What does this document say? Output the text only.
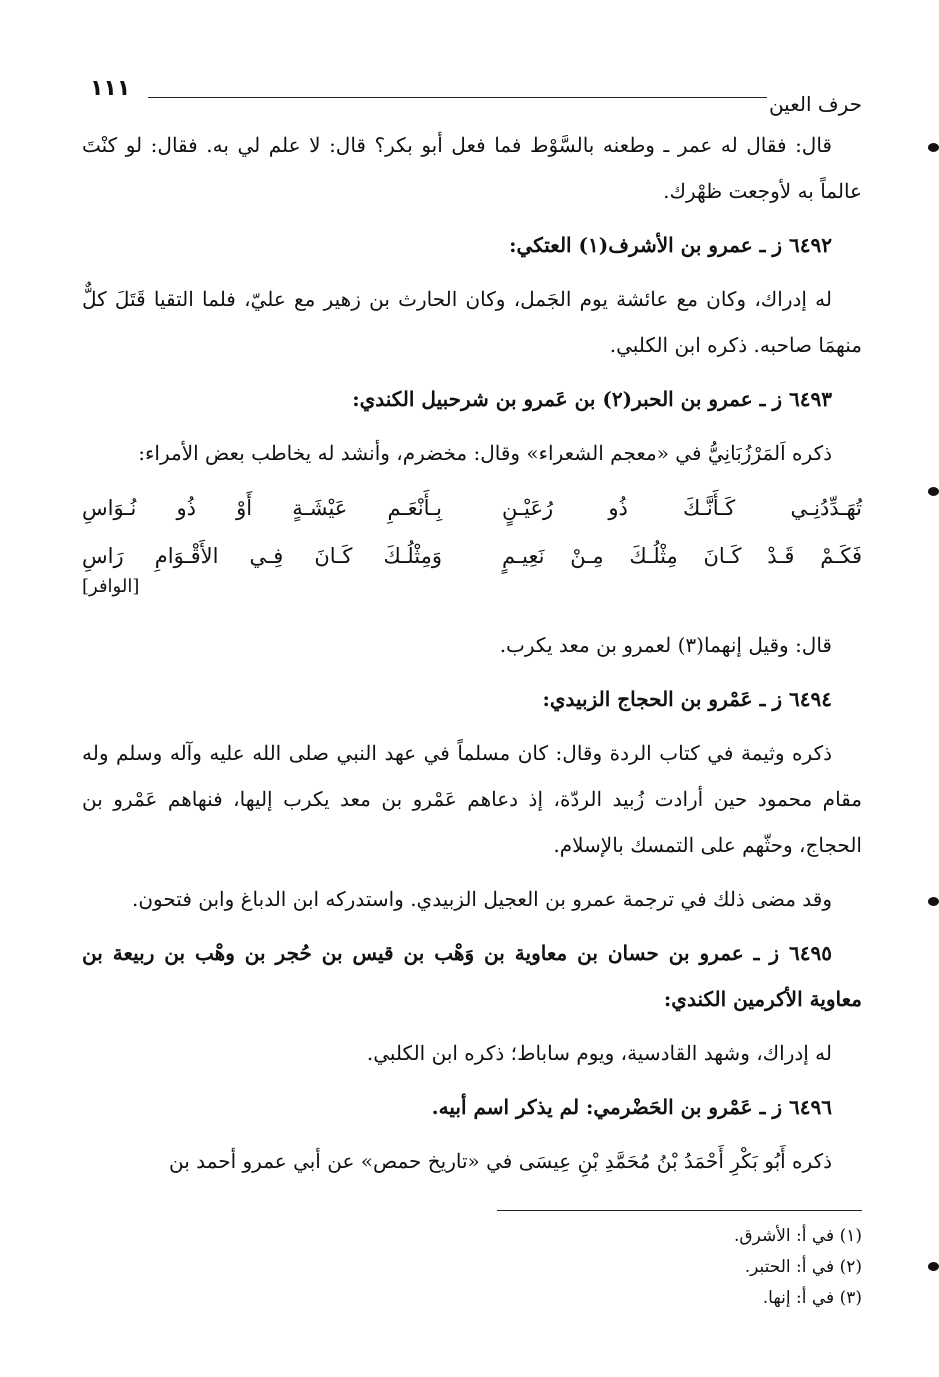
حرف العين
١١١

قال: فقال له عمر ـ وطعنه بالسَّوْط فما فعل أبو بكر؟ قال: لا علم لي به. فقال: لو كنْتَ عالماً به لأوجعت ظهْرك.

٦٤٩٢ ز ـ عمرو بن الأشرف(١) العتكي:

له إدراك، وكان مع عائشة يوم الجَمل، وكان الحارث بن زهير مع عليّ، فلما التقيا قَتَلَ كلٌّ منهمَا صاحبه. ذكره ابن الكلبي.

٦٤٩٣ ز ـ عمرو بن الحبر(٢) بن عَمرو بن شرحبيل الكندي:

ذكره اَلمَرْزُبَانِيُّ في «معجم الشعراء» وقال: مخضرم، وأنشد له يخاطب بعض الأمراء:

تُهَـدِّدُنِـي كَـأَنَّـكَ ذُو رُعَيْـنٍ
بِـأَنْعَـمِ عَيْشَـةٍ أَوْ ذُو نُـوَاسِ
فَكَـمْ قَـدْ كَـانَ مِثْلُـكَ مِـنْ نَعِيـمٍ
وَمِثْلُـكَ كَـانَ فِـي الأَقْـوَامِ رَاسِ
[الوافر]

قال: وقيل إنهما(٣) لعمرو بن معد يكرب.

٦٤٩٤ ز ـ عَمْرو بن الحجاج الزبيدي:

ذكره وثيمة في كتاب الردة وقال: كان مسلماً في عهد النبي صلى الله عليه وآله وسلم وله مقام محمود حين أرادت زُبيد الردّة، إذ دعاهم عَمْرو بن معد يكرب إليها، فنهاهم عَمْرو بن الحجاج، وحثّهم على التمسك بالإسلام.

وقد مضى ذلك في ترجمة عمرو بن العجيل الزبيدي. واستدركه ابن الدباغ وابن فتحون.

٦٤٩٥ ز ـ عمرو بن حسان بن معاوية بن وَهْب بن قيس بن حُجر بن وهْب بن ربيعة بن معاوية الأكرمين الكندي:

له إدراك، وشهد القادسية، ويوم ساباط؛ ذكره ابن الكلبي.

٦٤٩٦ ز ـ عَمْرو بن الحَضْرمي: لم يذكر اسم أبيه.

ذكره أَبُو بَكْرِ أَحْمَدُ بْنُ مُحَمَّدِ بْنِ عِيسَى في «تاريخ حمص» عن أبي عمرو أحمد بن

(١) في أ: الأشرق.

(٢) في أ: الحتبر.

(٣) في أ: إنها.
